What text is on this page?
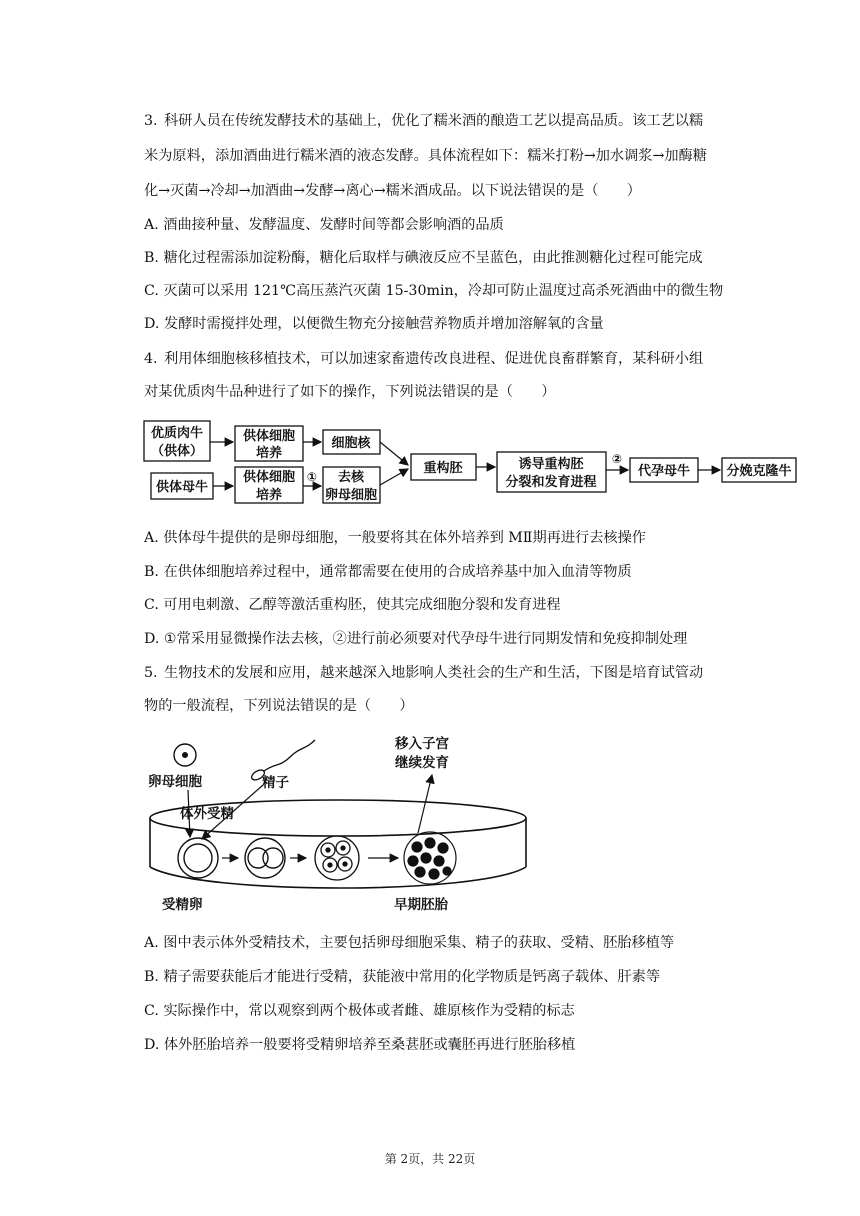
3. 科研人员在传统发酵技术的基础上，优化了糯米酒的酿造工艺以提高品质。该工艺以糯
米为原料，添加酒曲进行糯米酒的液态发酵。具体流程如下：糯米打粉→加水调浆→加酶糖
化→灭菌→冷却→加酒曲→发酵→离心→糯米酒成品。以下说法错误的是（　　）
A. 酒曲接种量、发酵温度、发酵时间等都会影响酒的品质
B. 糖化过程需添加淀粉酶，糖化后取样与碘液反应不呈蓝色，由此推测糖化过程可能完成
C. 灭菌可以采用 121℃高压蒸汽灭菌 15-30min，冷却可防止温度过高杀死酒曲中的微生物
D. 发酵时需搅拌处理，以便微生物充分接触营养物质并增加溶解氧的含量
4. 利用体细胞核移植技术，可以加速家畜遗传改良进程、促进优良畜群繁育，某科研小组
对某优质肉牛品种进行了如下的操作，下列说法错误的是（　　）
优质肉牛
（供体）
供体细胞
培养
细胞核
供体母牛
供体细胞
培养
① 去核
卵母细胞
重构胚	诱导重构胚
分裂和发育进程
②
代孕母牛	分娩克隆牛
A. 供体母牛提供的是卵母细胞，一般要将其在体外培养到 MⅡ期再进行去核操作
B. 在供体细胞培养过程中，通常都需要在使用的合成培养基中加入血清等物质
C. 可用电刺激、乙醇等激活重构胚，使其完成细胞分裂和发育进程
D. ①常采用显微操作法去核，②进行前必须要对代孕母牛进行同期发情和免疫抑制处理
5. 生物技术的发展和应用，越来越深入地影响人类社会的生产和生活，下图是培育试管动
物的一般流程，下列说法错误的是（　　）
卵母细胞	精子
体外受精
移入子宫
继续发育
受精卵	早期胚胎
A. 图中表示体外受精技术，主要包括卵母细胞采集、精子的获取、受精、胚胎移植等
B. 精子需要获能后才能进行受精，获能液中常用的化学物质是钙离子载体、肝素等
C. 实际操作中，常以观察到两个极体或者雌、雄原核作为受精的标志
D. 体外胚胎培养一般要将受精卵培养至桑葚胚或囊胚再进行胚胎移植
第 2页，共 22页
